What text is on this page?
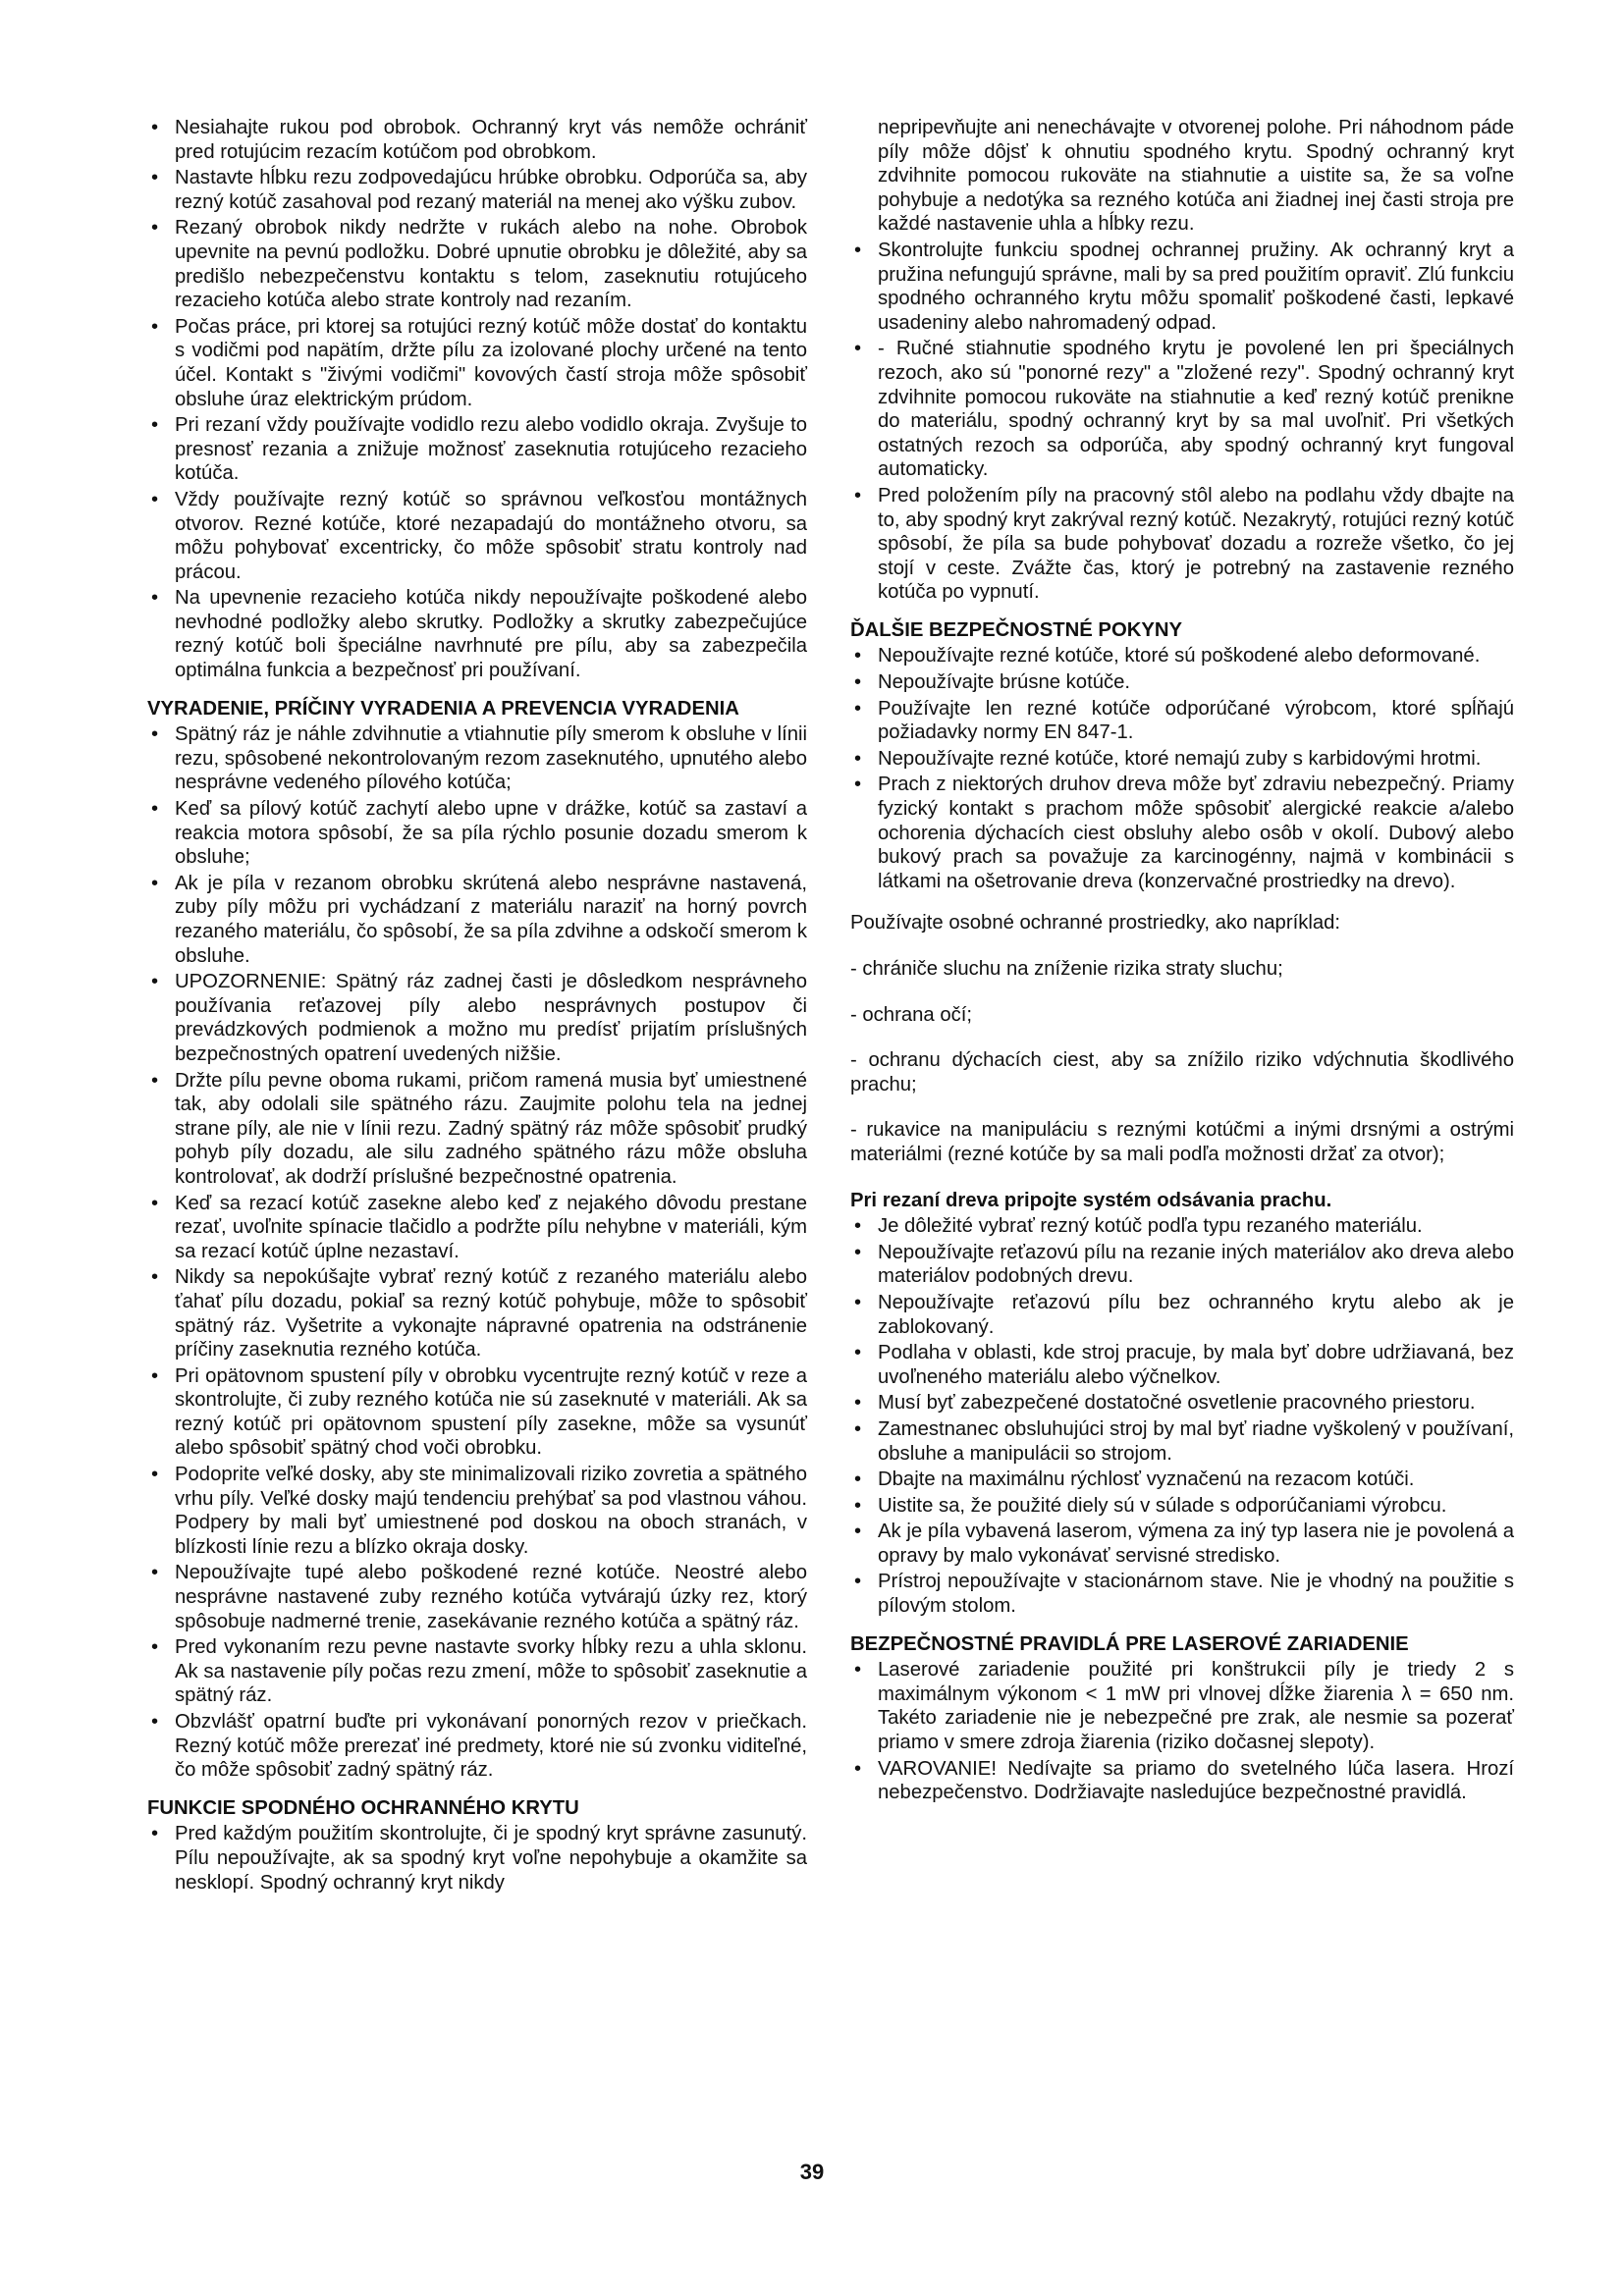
• Nesiahajte rukou pod obrobok. Ochranný kryt vás nemôže ochrániť pred rotujúcim rezacím kotúčom pod obrobkom.
• Nastavte hĺbku rezu zodpovedajúcu hrúbke obrobku. Odporúča sa, aby rezný kotúč zasahoval pod rezaný materiál na menej ako výšku zubov.
• Rezaný obrobok nikdy nedržte v rukách alebo na nohe. Obrobok upevnite na pevnú podložku. Dobré upnutie obrobku je dôležité, aby sa predišlo nebezpečenstvu kontaktu s telom, zaseknutiu rotujúceho rezacieho kotúča alebo strate kontroly nad rezaním.
• Počas práce, pri ktorej sa rotujúci rezný kotúč môže dostať do kontaktu s vodičmi pod napätím, držte pílu za izolované plochy určené na tento účel. Kontakt s "živými vodičmi" kovových častí stroja môže spôsobiť obsluhe úraz elektrickým prúdom.
• Pri rezaní vždy používajte vodidlo rezu alebo vodidlo okraja. Zvyšuje to presnosť rezania a znižuje možnosť zaseknutia rotujúceho rezacieho kotúča.
• Vždy používajte rezný kotúč so správnou veľkosťou montážnych otvorov. Rezné kotúče, ktoré nezapadajú do montážneho otvoru, sa môžu pohybovať excentricky, čo môže spôsobiť stratu kontroly nad prácou.
• Na upevnenie rezacieho kotúča nikdy nepoužívajte poškodené alebo nevhodné podložky alebo skrutky. Podložky a skrutky zabezpečujúce rezný kotúč boli špeciálne navrhnuté pre pílu, aby sa zabezpečila optimálna funkcia a bezpečnosť pri používaní.
VYRADENIE, PRÍČINY VYRADENIA A PREVENCIA VYRADENIA
• Spätný ráz je náhle zdvihnutie a vtiahnutie píly smerom k obsluhe v línii rezu, spôsobené nekontrolovaným rezom zaseknutého, upnutého alebo nesprávne vedeného pílového kotúča;
• Keď sa pílový kotúč zachytí alebo upne v drážke, kotúč sa zastaví a reakcia motora spôsobí, že sa píla rýchlo posunie dozadu smerom k obsluhe;
• Ak je píla v rezanom obrobku skrútená alebo nesprávne nastavená, zuby píly môžu pri vychádzaní z materiálu naraziť na horný povrch rezaného materiálu, čo spôsobí, že sa píla zdvihne a odskočí smerom k obsluhe.
• UPOZORNENIE: Spätný ráz zadnej časti je dôsledkom nesprávneho používania reťazovej píly alebo nesprávnych postupov či prevádzkových podmienok a možno mu predísť prijatím príslušných bezpečnostných opatrení uvedených nižšie.
• Držte pílu pevne oboma rukami, pričom ramená musia byť umiestnené tak, aby odolali sile spätného rázu. Zaujmite polohu tela na jednej strane píly, ale nie v línii rezu. Zadný spätný ráz môže spôsobiť prudký pohyb píly dozadu, ale silu zadného spätného rázu môže obsluha kontrolovať, ak dodrží príslušné bezpečnostné opatrenia.
• Keď sa rezací kotúč zasekne alebo keď z nejakého dôvodu prestane rezať, uvoľnite spínacie tlačidlo a podržte pílu nehybne v materiáli, kým sa rezací kotúč úplne nezastaví.
• Nikdy sa nepokúšajte vybrať rezný kotúč z rezaného materiálu alebo ťahať pílu dozadu, pokiaľ sa rezný kotúč pohybuje, môže to spôsobiť spätný ráz. Vyšetrite a vykonajte nápravné opatrenia na odstránenie príčiny zaseknutia rezného kotúča.
• Pri opätovnom spustení píly v obrobku vycentrujte rezný kotúč v reze a skontrolujte, či zuby rezného kotúča nie sú zaseknuté v materiáli. Ak sa rezný kotúč pri opätovnom spustení píly zasekne, môže sa vysunúť alebo spôsobiť spätný chod voči obrobku.
• Podoprite veľké dosky, aby ste minimalizovali riziko zovretia a spätného vrhu píly. Veľké dosky majú tendenciu prehýbať sa pod vlastnou váhou. Podpery by mali byť umiestnené pod doskou na oboch stranách, v blízkosti línie rezu a blízko okraja dosky.
• Nepoužívajte tupé alebo poškodené rezné kotúče. Neostré alebo nesprávne nastavené zuby rezného kotúča vytvárajú úzky rez, ktorý spôsobuje nadmerné trenie, zasekávanie rezného kotúča a spätný ráz.
• Pred vykonaním rezu pevne nastavte svorky hĺbky rezu a uhla sklonu. Ak sa nastavenie píly počas rezu zmení, môže to spôsobiť zaseknutie a spätný ráz.
• Obzvlášť opatrní buďte pri vykonávaní ponorných rezov v priečkach. Rezný kotúč môže prerezať iné predmety, ktoré nie sú zvonku viditeľné, čo môže spôsobiť zadný spätný ráz.
FUNKCIE SPODNÉHO OCHRANNÉHO KRYTU
• Pred každým použitím skontrolujte, či je spodný kryt správne zasunutý. Pílu nepoužívajte, ak sa spodný kryt voľne nepohybuje a okamžite sa nesklopí. Spodný ochranný kryt nikdy

nepripevňujte ani nenechávajte v otvorenej polohe. Pri náhodnom páde píly môže dôjsť k ohnutiu spodného krytu. Spodný ochranný kryt zdvihnite pomocou rukoväte na stiahnutie a uistite sa, že sa voľne pohybuje a nedotýka sa rezného kotúča ani žiadnej inej časti stroja pre každé nastavenie uhla a hĺbky rezu.

• Skontrolujte funkciu spodnej ochrannej pružiny. Ak ochranný kryt a pružina nefungujú správne, mali by sa pred použitím opraviť. Zlú funkciu spodného ochranného krytu môžu spomaliť poškodené časti, lepkavé usadeniny alebo nahromadený odpad.
• - Ručné stiahnutie spodného krytu je povolené len pri špeciálnych rezoch, ako sú "ponorné rezy" a "zložené rezy". Spodný ochranný kryt zdvihnite pomocou rukoväte na stiahnutie a keď rezný kotúč prenikne do materiálu, spodný ochranný kryt by sa mal uvoľniť. Pri všetkých ostatných rezoch sa odporúča, aby spodný ochranný kryt fungoval automaticky.
• Pred položením píly na pracovný stôl alebo na podlahu vždy dbajte na to, aby spodný kryt zakrýval rezný kotúč. Nezakrytý, rotujúci rezný kotúč spôsobí, že píla sa bude pohybovať dozadu a rozreže všetko, čo jej stojí v ceste. Zvážte čas, ktorý je potrebný na zastavenie rezného kotúča po vypnutí.
ĎALŠIE BEZPEČNOSTNÉ POKYNY
• Nepoužívajte rezné kotúče, ktoré sú poškodené alebo deformované.
• Nepoužívajte brúsne kotúče.
• Používajte len rezné kotúče odporúčané výrobcom, ktoré spĺňajú požiadavky normy EN 847-1.
• Nepoužívajte rezné kotúče, ktoré nemajú zuby s karbidovými hrotmi.
• Prach z niektorých druhov dreva môže byť zdraviu nebezpečný. Priamy fyzický kontakt s prachom môže spôsobiť alergické reakcie a/alebo ochorenia dýchacích ciest obsluhy alebo osôb v okolí. Dubový alebo bukový prach sa považuje za karcinogénny, najmä v kombinácii s látkami na ošetrovanie dreva (konzervačné prostriedky na drevo).

Používajte osobné ochranné prostriedky, ako napríklad:

- chrániče sluchu na zníženie rizika straty sluchu;

- ochrana očí;

- ochranu dýchacích ciest, aby sa znížilo riziko vdýchnutia škodlivého prachu;

- rukavice na manipuláciu s reznými kotúčmi a inými drsnými a ostrými materiálmi (rezné kotúče by sa mali podľa možnosti držať za otvor);

Pri rezaní dreva pripojte systém odsávania prachu.
• Je dôležité vybrať rezný kotúč podľa typu rezaného materiálu.
• Nepoužívajte reťazovú pílu na rezanie iných materiálov ako dreva alebo materiálov podobných drevu.
• Nepoužívajte reťazovú pílu bez ochranného krytu alebo ak je zablokovaný.
• Podlaha v oblasti, kde stroj pracuje, by mala byť dobre udržiavaná, bez uvoľneného materiálu alebo výčnelkov.
• Musí byť zabezpečené dostatočné osvetlenie pracovného priestoru.
• Zamestnanec obsluhujúci stroj by mal byť riadne vyškolený v používaní, obsluhe a manipulácii so strojom.
• Dbajte na maximálnu rýchlosť vyznačenú na rezacom kotúči.
• Uistite sa, že použité diely sú v súlade s odporúčaniami výrobcu.
• Ak je píla vybavená laserom, výmena za iný typ lasera nie je povolená a opravy by malo vykonávať servisné stredisko.
• Prístroj nepoužívajte v stacionárnom stave. Nie je vhodný na použitie s pílovým stolom.
BEZPEČNOSTNÉ PRAVIDLÁ PRE LASEROVÉ ZARIADENIE
• Laserové zariadenie použité pri konštrukcii píly je triedy 2 s maximálnym výkonom < 1 mW pri vlnovej dĺžke žiarenia λ = 650 nm. Takéto zariadenie nie je nebezpečné pre zrak, ale nesmie sa pozerať priamo v smere zdroja žiarenia (riziko dočasnej slepoty).
• VAROVANIE! Nedívajte sa priamo do svetelného lúča lasera. Hrozí nebezpečenstvo. Dodržiavajte nasledujúce bezpečnostné pravidlá.
39
